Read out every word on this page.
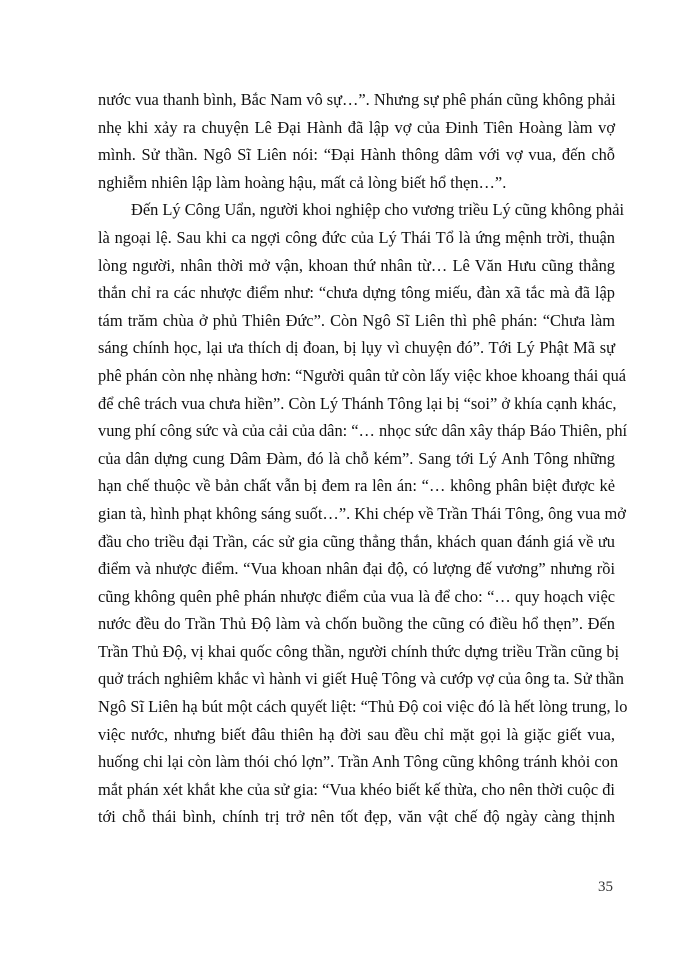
nước vua thanh bình, Bắc Nam vô sự…”. Nhưng sự phê phán cũng không phải
nhẹ khi xảy ra chuyện Lê Đại Hành đã lập vợ của Đinh Tiên Hoàng làm vợ
mình. Sử thần. Ngô Sĩ Liên nói: “Đại Hành thông dâm với vợ vua, đến chỗ
nghiễm nhiên lập làm hoàng hậu, mất cả lòng biết hổ thẹn…”.
Đến Lý Công Uẩn, người khoi nghiệp cho vương triều Lý cũng không phải
là ngoại lệ. Sau khi ca ngợi công đức của Lý Thái Tổ là ứng mệnh trời, thuận
lòng người, nhân thời mở vận, khoan thứ nhân từ… Lê Văn Hưu cũng thẳng
thắn chỉ ra các nhược điểm như: “chưa dựng tông miếu, đàn xã tắc mà đã lập
tám trăm chùa ở phủ Thiên Đức”. Còn Ngô Sĩ Liên thì phê phán: “Chưa làm
sáng chính học, lại ưa thích dị đoan, bị lụy vì chuyện đó”. Tới Lý Phật Mã sự
phê phán còn nhẹ nhàng hơn: “Người quân tử còn lấy việc khoe khoang thái quá
để chê trách vua chưa hiền”. Còn Lý Thánh Tông lại bị “soi” ở khía cạnh khác,
vung phí công sức và của cải của dân: “… nhọc sức dân xây tháp Báo Thiên, phí
của dân dựng cung Dâm Đàm, đó là chỗ kém”. Sang tới Lý Anh Tông những
hạn chế thuộc về bản chất vẫn bị đem ra lên án: “… không phân biệt được kẻ
gian tà, hình phạt không sáng suốt…”. Khi chép về Trần Thái Tông, ông vua mở
đầu cho triều đại Trần, các sử gia cũng thẳng thắn, khách quan đánh giá về ưu
điểm và nhược điểm. “Vua khoan nhân đại độ, có lượng đế vương” nhưng rồi
cũng không quên phê phán nhược điểm của vua là để cho: “… quy hoạch việc
nước đều do Trần Thủ Độ làm và chốn buồng the cũng có điều hổ thẹn”. Đến
Trần Thủ Độ, vị khai quốc công thần, người chính thức dựng triều Trần cũng bị
quở trách nghiêm khắc vì hành vi giết Huệ Tông và cướp vợ của ông ta. Sử thần
Ngô Sĩ Liên hạ bút một cách quyết liệt: “Thủ Độ coi việc đó là hết lòng trung, lo
việc nước, nhưng biết đâu thiên hạ đời sau đều chỉ mặt gọi là giặc giết vua,
huống chi lại còn làm thói chó lợn”. Trần Anh Tông cũng không tránh khỏi con
mắt phán xét khắt khe của sử gia: “Vua khéo biết kế thừa, cho nên thời cuộc đi
tới chỗ thái bình, chính trị trở nên tốt đẹp, văn vật chế độ ngày càng thịnh
35
